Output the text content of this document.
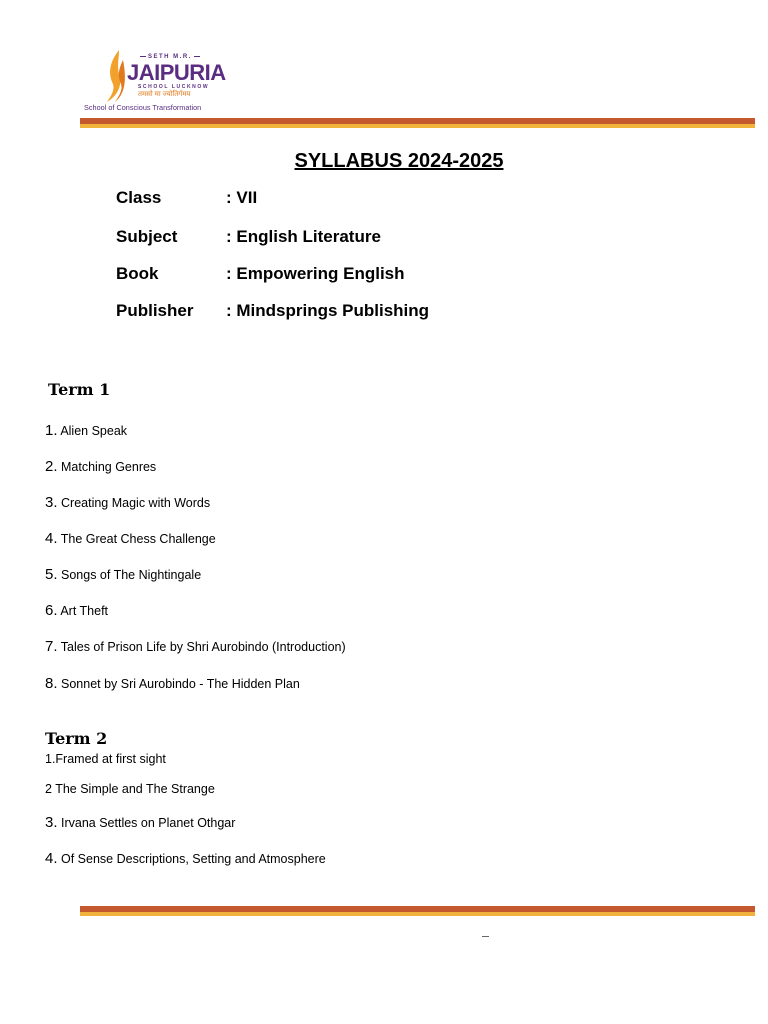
SETH M.R.
JAIPURIA
SCHOOL LUCKNOW
तमसो मा ज्योतिर्गमय
School of Conscious Transformation
SYLLABUS 2024-2025
Class	: VII
Subject	: English Literature
Book	: Empowering English
Publisher : Mindsprings Publishing
Term 1
1. Alien Speak
2. Matching Genres
3. Creating Magic with Words
4. The Great Chess Challenge
5. Songs of The Nightingale
6. Art Theft
7. Tales of Prison Life by Shri Aurobindo (Introduction)
8. Sonnet by Sri Aurobindo - The Hidden Plan
Term 2
1.Framed at first sight
2 The Simple and The Strange
3. Irvana Settles on Planet Othgar
4. Of Sense Descriptions, Setting and Atmosphere
